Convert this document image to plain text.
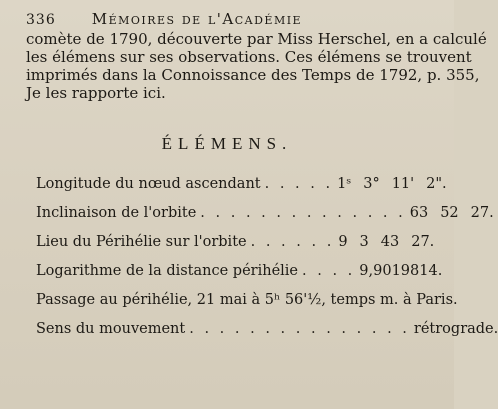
336 Mémoires de l'Académie
comète de 1790, découverte par Miss Herschel, en a calculé
les élémens sur ses observations. Ces élémens se trouvent
imprimés dans la Connoissance des Temps de 1792, p. 355,
Je les rapporte ici.
ÉLÉMENS.
Longitude du nœud ascendant . . . . . 1ˢ 3° 11' 2".
Inclinaison de l'orbite . . . . . . . . . . . . . . 63 52 27.
Lieu du Périhélie sur l'orbite . . . . . . 9 3 43 27.
Logarithme de la distance périhélie . . . . 9,9019814.
Passage au périhélie, 21 mai à 5ʰ 56'½, temps m. à Paris.
Sens du mouvement . . . . . . . . . . . . . . . rétrograde.
